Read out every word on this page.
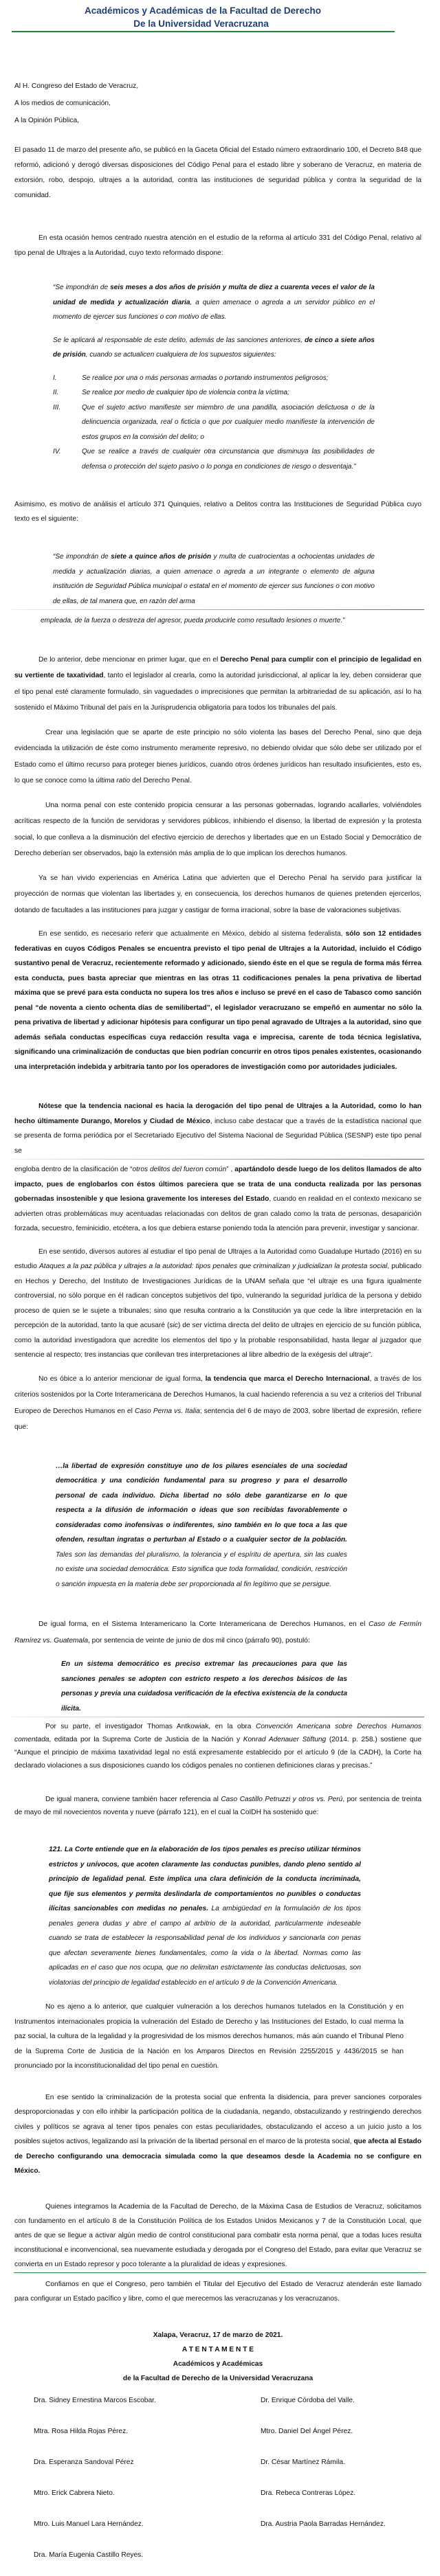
Académicos y Académicas de la Facultad de Derecho
De la Universidad Veracruzana
Al H. Congreso del Estado de Veracruz,
A los medios de comunicación,
A la Opinión Pública,

El pasado 11 de marzo del presente año, se publicó en la Gaceta Oficial del Estado número extraordinario 100, el Decreto 848 que reformó, adicionó y derogó diversas disposiciones del Código Penal para el estado libre y soberano de Veracruz, en materia de extorsión, robo, despojo, ultrajes a la autoridad, contra las instituciones de seguridad pública y contra la seguridad de la comunidad.

En esta ocasión hemos centrado nuestra atención en el estudio de la reforma al artículo 331 del Código Penal, relativo al tipo penal de Ultrajes a la Autoridad, cuyo texto reformado dispone:

“Se impondrán de seis meses a dos años de prisión y multa de diez a cuarenta veces el valor de la unidad de medida y actualización diaria, a quien amenace o agreda a un servidor público en el momento de ejercer sus funciones o con motivo de ellas.

Se le aplicará al responsable de este delito, además de las sanciones anteriores, de cinco a siete años de prisión, cuando se actualicen cualquiera de los supuestos siguientes:

I.	Se realice por una o más personas armadas o portando instrumentos peligrosos;
II.	Se realice por medio de cualquier tipo de violencia contra la víctima;
III.	Que el sujeto activo manifieste ser miembro de una pandilla, asociación delictuosa o de la delincuencia organizada, real o ficticia o que por cualquier medio manifieste la intervención de estos grupos en la comisión del delito; o
IV.	Que se realice a través de cualquier otra circunstancia que disminuya las posibilidades de defensa o protección del sujeto pasivo o lo ponga en condiciones de riesgo o desventaja.”

Asimismo, es motivo de análisis el artículo 371 Quinquies, relativo a Delitos contra las Instituciones de Seguridad Pública cuyo texto es el siguiente:

“Se impondrán de siete a quince años de prisión y multa de cuatrocientas a ochocientas unidades de medida y actualización diarias, a quien amenace o agreda a un integrante o elemento de alguna institución de Seguridad Pública municipal o estatal en el momento de ejercer sus funciones o con motivo de ellas, de tal manera que, en razón del arma

empleada, de la fuerza o destreza del agresor, pueda producirle como resultado lesiones o muerte.”

De lo anterior, debe mencionar en primer lugar, que en el Derecho Penal para cumplir con el principio de legalidad en su vertiente de taxatividad, tanto el legislador al crearla, como la autoridad jurisdiccional, al aplicar la ley, deben considerar que el tipo penal esté claramente formulado, sin vaguedades o imprecisiones que permitan la arbitrariedad de su aplicación, así lo ha sostenido el Máximo Tribunal del país en la Jurisprudencia obligatoria para todos los tribunales del país.

Crear una legislación que se aparte de este principio no sólo violenta las bases del Derecho Penal, sino que deja evidenciada la utilización de éste como instrumento meramente represivo, no debiendo olvidar que sólo debe ser utilizado por el Estado como el último recurso para proteger bienes jurídicos, cuando otros órdenes jurídicos han resultado insuficientes, esto es, lo que se conoce como la última ratio del Derecho Penal.

Una norma penal con este contenido propicia censurar a las personas gobernadas, logrando acallarles, volviéndoles acríticas respecto de la función de servidoras y servidores públicos, inhibiendo el disenso, la libertad de expresión y la protesta social, lo que conlleva a la disminución del efectivo ejercicio de derechos y libertades que en un Estado Social y Democrático de Derecho deberían ser observados, bajo la extensión más amplia de lo que implican los derechos humanos.

Ya se han vivido experiencias en América Latina que advierten que el Derecho Penal ha servido para justificar la proyección de normas que violentan las libertades y, en consecuencia, los derechos humanos de quienes pretenden ejercerlos, dotando de facultades a las instituciones para juzgar y castigar de forma irracional, sobre la base de valoraciones subjetivas.

En ese sentido, es necesario referir que actualmente en México, debido al sistema federalista, sólo son 12 entidades federativas en cuyos Códigos Penales se encuentra previsto el tipo penal de Ultrajes a la Autoridad, incluido el Código sustantivo penal de Veracruz, recientemente reformado y adicionado, siendo éste en el que se regula de forma más férrea esta conducta, pues basta apreciar que mientras en las otras 11 codificaciones penales la pena privativa de libertad máxima que se prevé para esta conducta no supera los tres años e incluso se prevé en el caso de Tabasco como sanción penal “de noventa a ciento ochenta días de semilibertad”, el legislador veracruzano se empeñó en aumentar no sólo la pena privativa de libertad y adicionar hipótesis para configurar un tipo penal agravado de Ultrajes a la autoridad, sino que además señala conductas específicas cuya redacción resulta vaga e imprecisa, carente de toda técnica legislativa, significando una criminalización de conductas que bien podrían concurrir en otros tipos penales existentes, ocasionando una interpretación indebida y arbitraria tanto por los operadores de investigación como por autoridades judiciales.

Nótese que la tendencia nacional es hacia la derogación del tipo penal de Ultrajes a la Autoridad, como lo han hecho últimamente Durango, Morelos y Ciudad de México, incluso cabe destacar que a través de la estadística nacional que se presenta de forma periódica por el Secretariado Ejecutivo del Sistema Nacional de Seguridad Pública (SESNP) este tipo penal se

engloba dentro de la clasificación de “otros delitos del fueron común” , apartándolo desde luego de los delitos llamados de alto impacto, pues de englobarlos con éstos últimos pareciera que se trata de una conducta realizada por las personas gobernadas insostenible y que lesiona gravemente los intereses del Estado, cuando en realidad en el contexto mexicano se advierten otras problemáticas muy acentuadas relacionadas con delitos de gran calado como la trata de personas, desaparición forzada, secuestro, feminicidio, etcétera, a los que debiera estarse poniendo toda la atención para prevenir, investigar y sancionar.

En ese sentido, diversos autores al estudiar el tipo penal de Ultrajes a la Autoridad como Guadalupe Hurtado (2016) en su estudio Ataques a la paz pública y ultrajes a la autoridad: tipos penales que criminalizan y judicializan la protesta social, publicado en Hechos y Derecho, del Instituto de Investigaciones Jurídicas de la UNAM señala que “el ultraje es una figura igualmente controversial, no sólo porque en él radican conceptos subjetivos del tipo, vulnerando la seguridad jurídica de la persona y debido proceso de quien se le sujete a tribunales; sino que resulta contrario a la Constitución ya que cede la libre interpretación en la percepción de la autoridad, tanto la que acusaré (sic) de ser víctima directa del delito de ultrajes en ejercicio de su función pública, como la autoridad investigadora que acredite los elementos del tipo y la probable responsabilidad, hasta llegar al juzgador que sentencie al respecto; tres instancias que conllevan tres interpretaciones al libre albedrio de la exégesis del ultraje”.

No es óbice a lo anterior mencionar de igual forma, la tendencia que marca el Derecho Internacional, a través de los criterios sostenidos por la Corte Interamericana de Derechos Humanos, la cual haciendo referencia a su vez a criterios del Tribunal Europeo de Derechos Humanos en el Caso Perna vs. Italia; sentencia del 6 de mayo de 2003, sobre libertad de expresión, refiere que:

…la libertad de expresión constituye uno de los pilares esenciales de una sociedad democrática y una condición fundamental para su progreso y para el desarrollo personal de cada individuo. Dicha libertad no sólo debe garantizarse en lo que respecta a la difusión de información o ideas que son recibidas favorablemente o consideradas como inofensivas o indiferentes, sino también en lo que toca a las que ofenden, resultan ingratas o perturban al Estado o a cualquier sector de la población. Tales son las demandas del pluralismo, la tolerancia y el espíritu de apertura, sin las cuales no existe una sociedad democrática. Esto significa que toda formalidad, condición, restricción o sanción impuesta en la materia debe ser proporcionada al fin legítimo que se persigue.

De igual forma, en el Sistema Interamericano la Corte Interamericana de Derechos Humanos, en el Caso de Fermín Ramírez vs. Guatemala, por sentencia de veinte de junio de dos mil cinco (párrafo 90), postuló:

En un sistema democrático es preciso extremar las precauciones para que las sanciones penales se adopten con estricto respeto a los derechos básicos de las personas y previa una cuidadosa verificación de la efectiva existencia de la conducta ilícita.

Por su parte, el investigador Thomas Antkowiak, en la obra Convención Americana sobre Derechos Humanos comentada, editada por la Suprema Corte de Justicia de la Nación y Konrad Adenauer Stiftung (2014. p. 258.) sostiene que “Aunque el principio de máxima taxatividad legal no está expresamente establecido por el artículo 9 (de la CADH), la Corte ha declarado violaciones a sus disposiciones cuando los códigos penales no contienen definiciones claras y precisas.”

De igual manera, conviene también hacer referencia al Caso Castillo Petruzzi y otros vs. Perú, por sentencia de treinta de mayo de mil novecientos noventa y nueve (párrafo 121), en el cual la CoIDH ha sostenido que:

121. La Corte entiende que en la elaboración de los tipos penales es preciso utilizar términos estrictos y unívocos, que acoten claramente las conductas punibles, dando pleno sentido al principio de legalidad penal. Este implica una clara definición de la conducta incriminada, que fije sus elementos y permita deslindarla de comportamientos no punibles o conductas ilícitas sancionables con medidas no penales. La ambigüedad en la formulación de los tipos penales genera dudas y abre el campo al arbitrio de la autoridad, particularmente indeseable cuando se trata de establecer la responsabilidad penal de los individuos y sancionarla con penas que afectan severamente bienes fundamentales, como la vida o la libertad. Normas como las aplicadas en el caso que nos ocupa, que no delimitan estrictamente las conductas delictuosas, son violatorias del principio de legalidad establecido en el artículo 9 de la Convención Americana.

No es ajeno a lo anterior, que cualquier vulneración a los derechos humanos tutelados en la Constitución y en Instrumentos internacionales propicia la vulneración del Estado de Derecho y las Instituciones del Estado, lo cual merma la paz social, la cultura de la legalidad y la progresividad de los mismos derechos humanos, más aún cuando el Tribunal Pleno de la Suprema Corte de Justicia de la Nación en los Amparos Directos en Revisión 2255/2015 y 4436/2015 se han pronunciado por la inconstitucionalidad del tipo penal en cuestión.

En ese sentido la criminalización de la protesta social que enfrenta la disidencia, para prever sanciones corporales desproporcionadas y con ello inhibir la participación política de la ciudadanía, negando, obstaculizando y restringiendo derechos civiles y políticos se agrava al tener tipos penales con estas peculiaridades, obstaculizando el acceso a un juicio justo a los posibles sujetos activos, legalizando así la privación de la libertad personal en el marco de la protesta social, que afecta al Estado de Derecho configurando una democracia simulada como la que deseamos desde la Academia no se configure en México.

Quienes integramos la Academia de la Facultad de Derecho, de la Máxima Casa de Estudios de Veracruz, solicitamos con fundamento en el artículo 8 de la Constitución Política de los Estados Unidos Mexicanos y 7 de la Constitución Local, que antes de que se llegue a activar algún medio de control constitucional para combatir esta norma penal, que a todas luces resulta inconstitucional e inconvencional, sea nuevamente estudiada y derogada por el Congreso del Estado, para evitar que Veracruz se convierta en un Estado represor y poco tolerante a la pluralidad de ideas y expresiones.

Confiamos en que el Congreso, pero también el Titular del Ejecutivo del Estado de Veracruz atenderán este llamado para configurar un Estado pacífico y libre, como el que merecemos las veracruzanas y los veracruzanos.

Xalapa, Veracruz, 17 de marzo de 2021.
A T E N T A M E N T E
Académicos y Académicas
de la Facultad de Derecho de la Universidad Veracruzana
Dra. Sidney Ernestina Marcos Escobar.	Dr. Enrique Córdoba del Valle.
Mtra. Rosa Hilda Rojas Pérez.	Mtro. Daniel Del Ángel Pérez.
Dra. Esperanza Sandoval Pérez	Dr. César Martínez Rámila.
Mtro. Erick Cabrera Nieto.	Dra. Rebeca Contreras López.
Mtro. Luis Manuel Lara Hernández.	Dra. Austria Paola Barradas Hernández.
Dra. María Eugenia Castillo Reyes.
